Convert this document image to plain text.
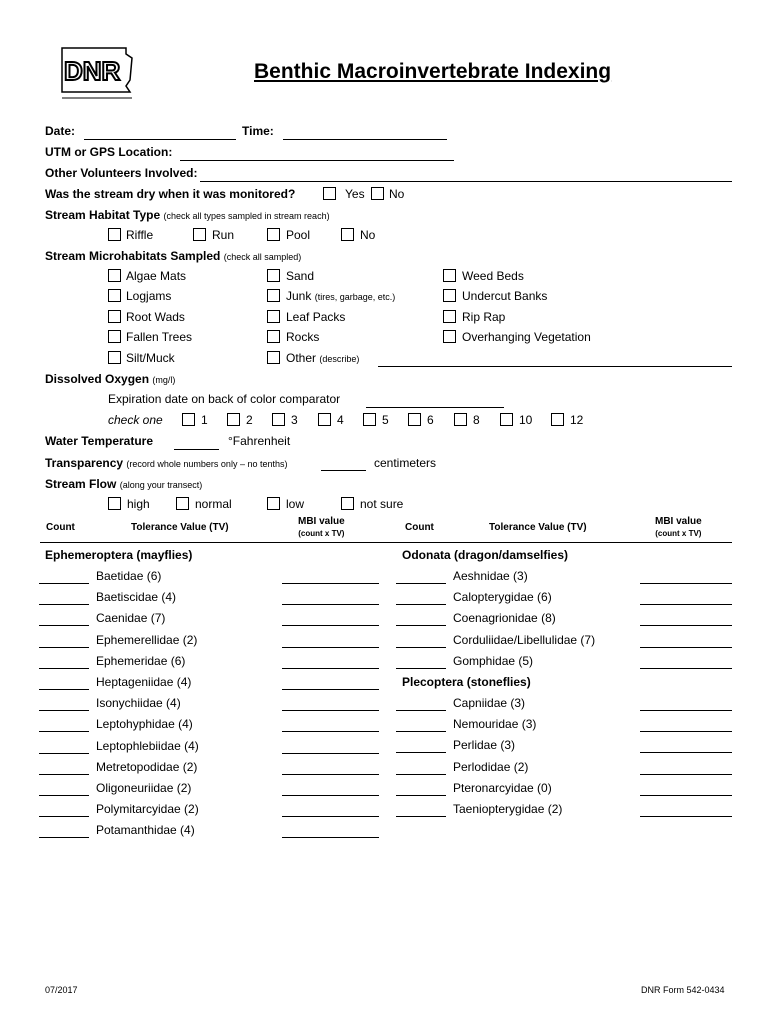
DNR	Benthic Macroinvertebrate Indexing
Date:	Time:
UTM or GPS Location:
Other Volunteers Involved:
Was the stream dry when it was monitored?	Yes No
Stream Habitat Type (check all types sampled in stream reach)
Riffle	Run	Pool	No
Stream Microhabitats Sampled (check all sampled)
Algae Mats
Logjams
Root Wads
Fallen Trees
Silt/Muck
Sand
Junk (tires, garbage, etc.)
Leaf Packs
Rocks
Other (describe)
Weed Beds
Undercut Banks
Rip Rap
Overhanging Vegetation
Dissolved Oxygen (mg/l)
Expiration date on back of color comparator
check one	1	2	3	4	5	6	8	10	12
Water Temperature	°Fahrenheit
Transparency (record whole numbers only – no tenths)	centimeters
Stream Flow (along your transect)
high	normal	low	not sure
Count	Tolerance Value (TV)
MBI value
(count x TV)
Count	Tolerance Value (TV)
MBI value
(count x TV)
Ephemeroptera (mayflies)
Baetidae (6)
Baetiscidae (4)
Caenidae (7)
Ephemerellidae (2)
Ephemeridae (6)
Heptageniidae (4)
Isonychiidae (4)
Leptohyphidae (4)
Leptophlebiidae (4)
Metretopodidae (2)
Oligoneuriidae (2)
Polymitarcyidae (2)
Potamanthidae (4)
Odonata (dragon/damselfies)
Aeshnidae (3)
Calopterygidae (6)
Coenagrionidae (8)
Corduliidae/Libellulidae (7)
Gomphidae (5)
Plecoptera (stoneflies)
Capniidae (3)
Nemouridae (3)
Perlidae (3)
Perlodidae (2)
Pteronarcyidae (0)
Taeniopterygidae (2)
07/2017	DNR Form 542-0434
